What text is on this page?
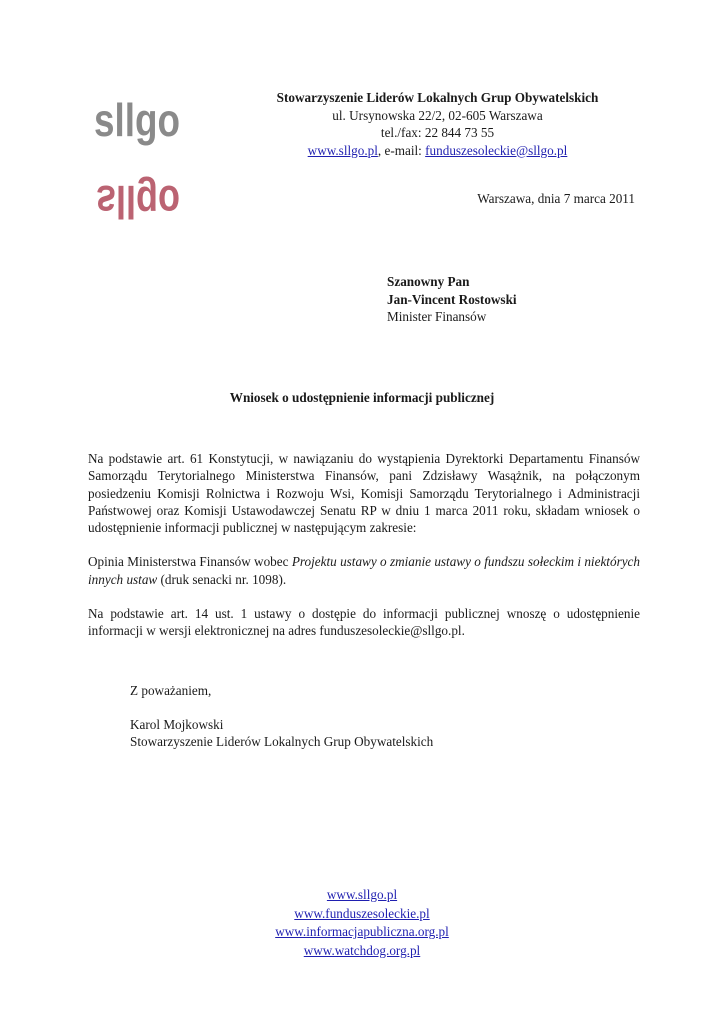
sllgo
sllgo
Stowarzyszenie Liderów Lokalnych Grup Obywatelskich
ul. Ursynowska 22/2, 02-605 Warszawa
tel./fax: 22 844 73 55
www.sllgo.pl, e-mail: funduszesoleckie@sllgo.pl
Warszawa, dnia 7 marca 2011
Szanowny Pan
Jan-Vincent Rostowski
Minister Finansów
Wniosek o udostępnienie informacji publicznej

Na podstawie art. 61 Konstytucji, w nawiązaniu do wystąpienia Dyrektorki Departamentu Finansów Samorządu Terytorialnego Ministerstwa Finansów, pani Zdzisławy Wasążnik, na połączonym posiedzeniu Komisji Rolnictwa i Rozwoju Wsi, Komisji Samorządu Terytorialnego i Administracji Państwowej oraz Komisji Ustawodawczej Senatu RP w dniu 1 marca 2011 roku, składam wniosek o udostępnienie informacji publicznej w następującym zakresie:

Opinia Ministerstwa Finansów wobec Projektu ustawy o zmianie ustawy o fundszu sołeckim i niektórych innych ustaw (druk senacki nr. 1098).

Na podstawie art. 14 ust. 1 ustawy o dostępie do informacji publicznej wnoszę o udostępnienie informacji w wersji elektronicznej na adres funduszesoleckie@sllgo.pl.

Z poważaniem,

Karol Mojkowski
Stowarzyszenie Liderów Lokalnych Grup Obywatelskich
www.sllgo.pl
www.funduszesoleckie.pl
www.informacjapubliczna.org.pl
www.watchdog.org.pl
